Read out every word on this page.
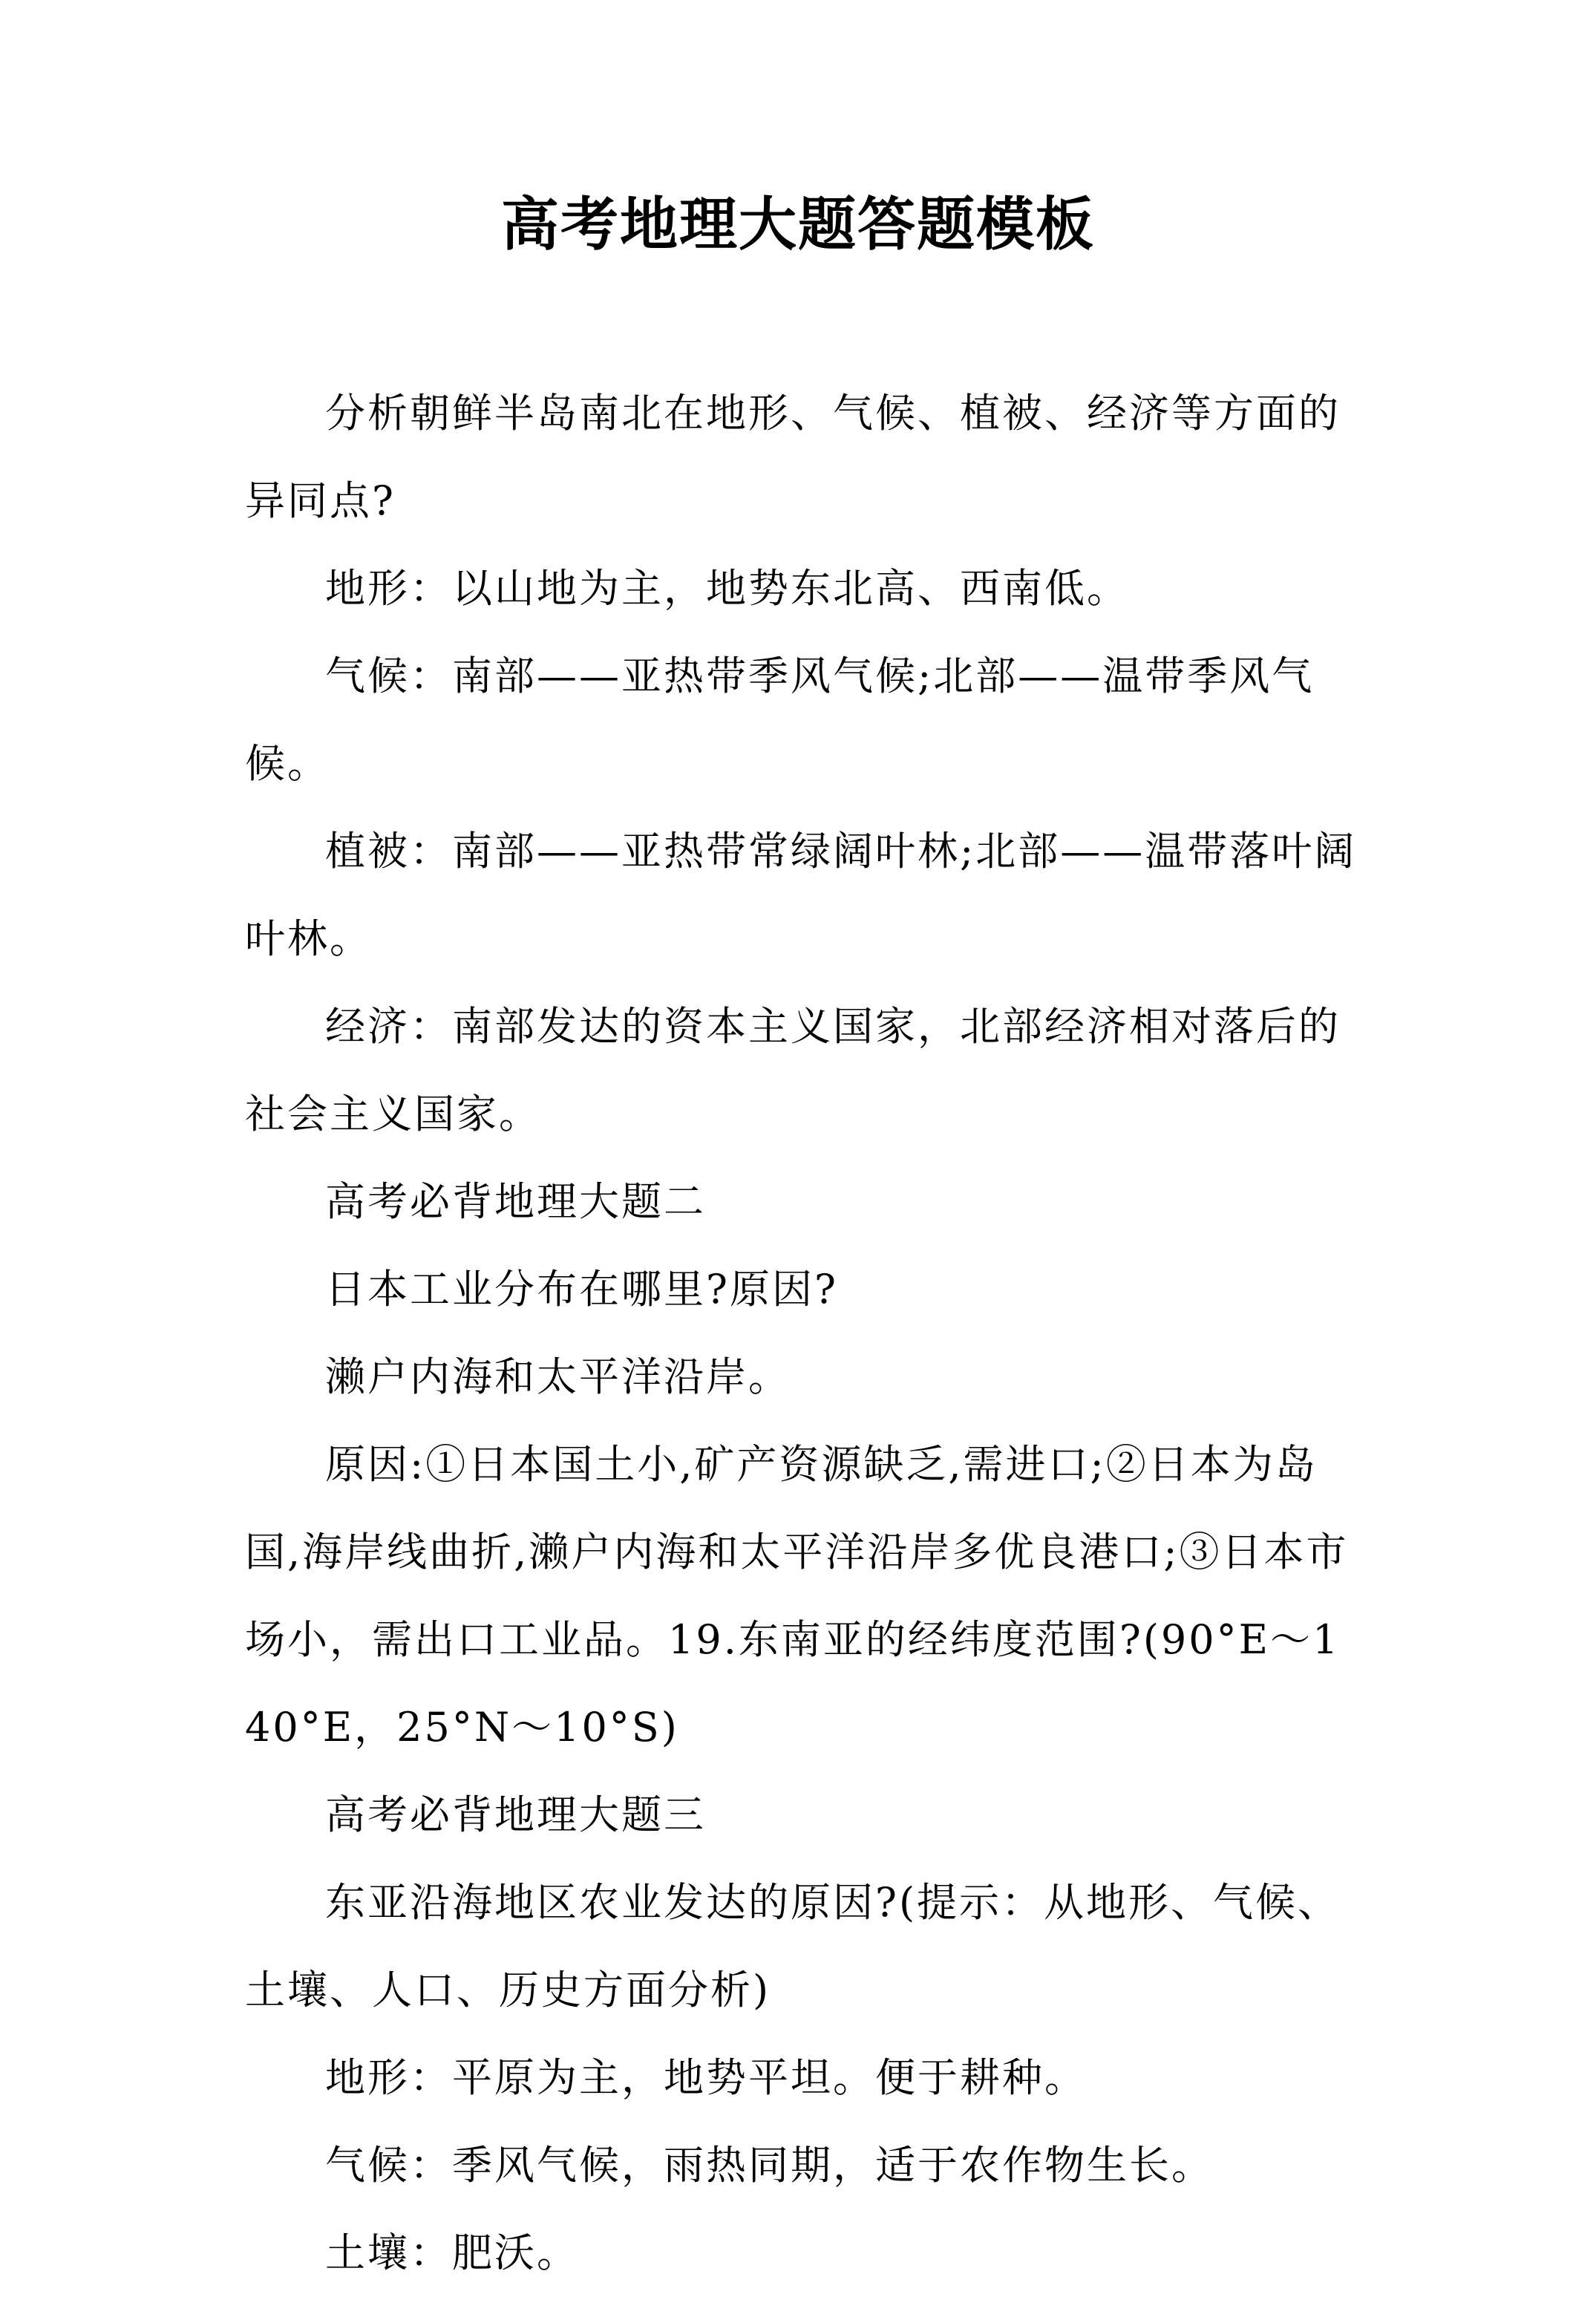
高考地理大题答题模板

分析朝鲜半岛南北在地形、气候、植被、经济等方面的异同点?

地形：以山地为主，地势东北高、西南低。

气候：南部——亚热带季风气候;北部——温带季风气候。

植被：南部——亚热带常绿阔叶林;北部——温带落叶阔叶林。

经济：南部发达的资本主义国家，北部经济相对落后的社会主义国家。

高考必背地理大题二

日本工业分布在哪里?原因?

濑户内海和太平洋沿岸。

原因:①日本国土小,矿产资源缺乏,需进口;②日本为岛国,海岸线曲折,濑户内海和太平洋沿岸多优良港口;③日本市场小，需出口工业品。19.东南亚的经纬度范围?(90°E～140°E，25°N～10°S)

高考必背地理大题三

东亚沿海地区农业发达的原因?(提示：从地形、气候、土壤、人口、历史方面分析)

地形：平原为主，地势平坦。便于耕种。

气候：季风气候，雨热同期，适于农作物生长。

土壤：肥沃。
